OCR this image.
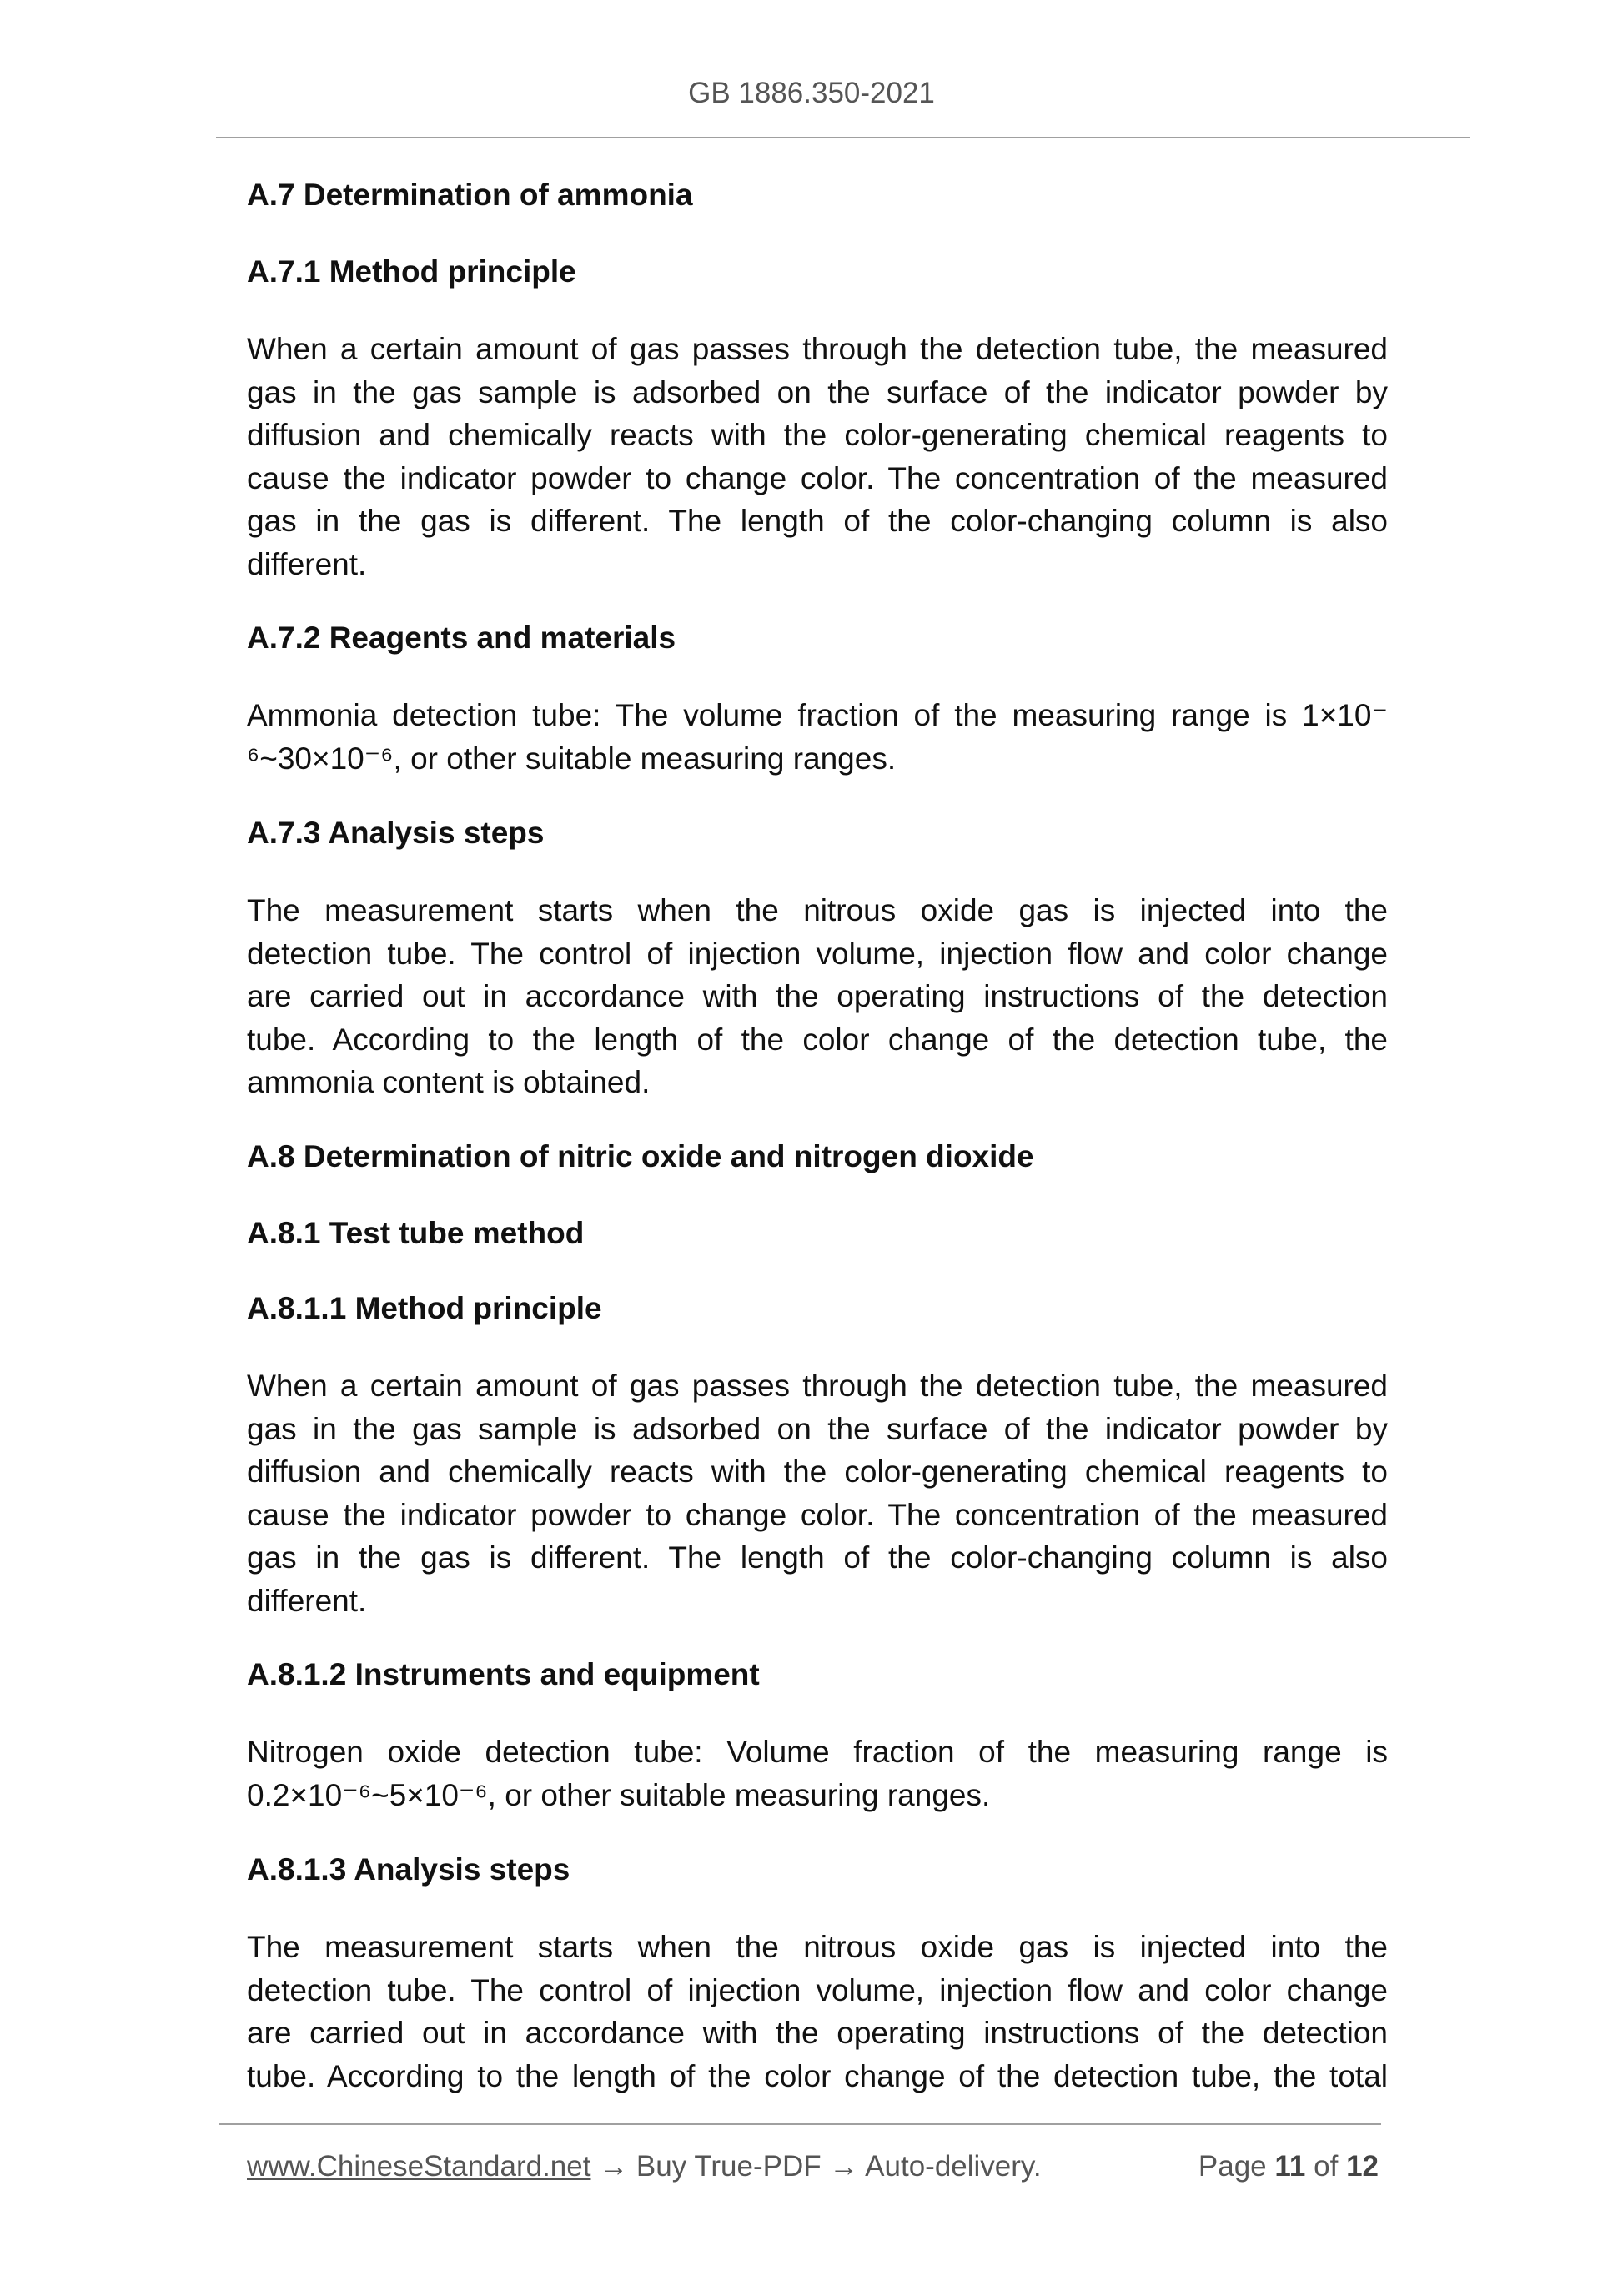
GB 1886.350-2021
A.7 Determination of ammonia
A.7.1 Method principle
When a certain amount of gas passes through the detection tube, the measured
gas in the gas sample is adsorbed on the surface of the indicator powder by
diffusion and chemically reacts with the color-generating chemical reagents to
cause the indicator powder to change color. The concentration of the measured
gas in the gas is different. The length of the color-changing column is also
different.
A.7.2 Reagents and materials
Ammonia detection tube: The volume fraction of the measuring range is 1×10⁻
⁶~30×10⁻⁶, or other suitable measuring ranges.
A.7.3 Analysis steps
The measurement starts when the nitrous oxide gas is injected into the
detection tube. The control of injection volume, injection flow and color change
are carried out in accordance with the operating instructions of the detection
tube. According to the length of the color change of the detection tube, the
ammonia content is obtained.
A.8 Determination of nitric oxide and nitrogen dioxide
A.8.1 Test tube method
A.8.1.1 Method principle
When a certain amount of gas passes through the detection tube, the measured
gas in the gas sample is adsorbed on the surface of the indicator powder by
diffusion and chemically reacts with the color-generating chemical reagents to
cause the indicator powder to change color. The concentration of the measured
gas in the gas is different. The length of the color-changing column is also
different.
A.8.1.2 Instruments and equipment
Nitrogen oxide detection tube: Volume fraction of the measuring range is
0.2×10⁻⁶~5×10⁻⁶, or other suitable measuring ranges.
A.8.1.3 Analysis steps
The measurement starts when the nitrous oxide gas is injected into the
detection tube. The control of injection volume, injection flow and color change
are carried out in accordance with the operating instructions of the detection
tube. According to the length of the color change of the detection tube, the total
www.ChineseStandard.net → Buy True-PDF → Auto-delivery.	Page 11 of 12
